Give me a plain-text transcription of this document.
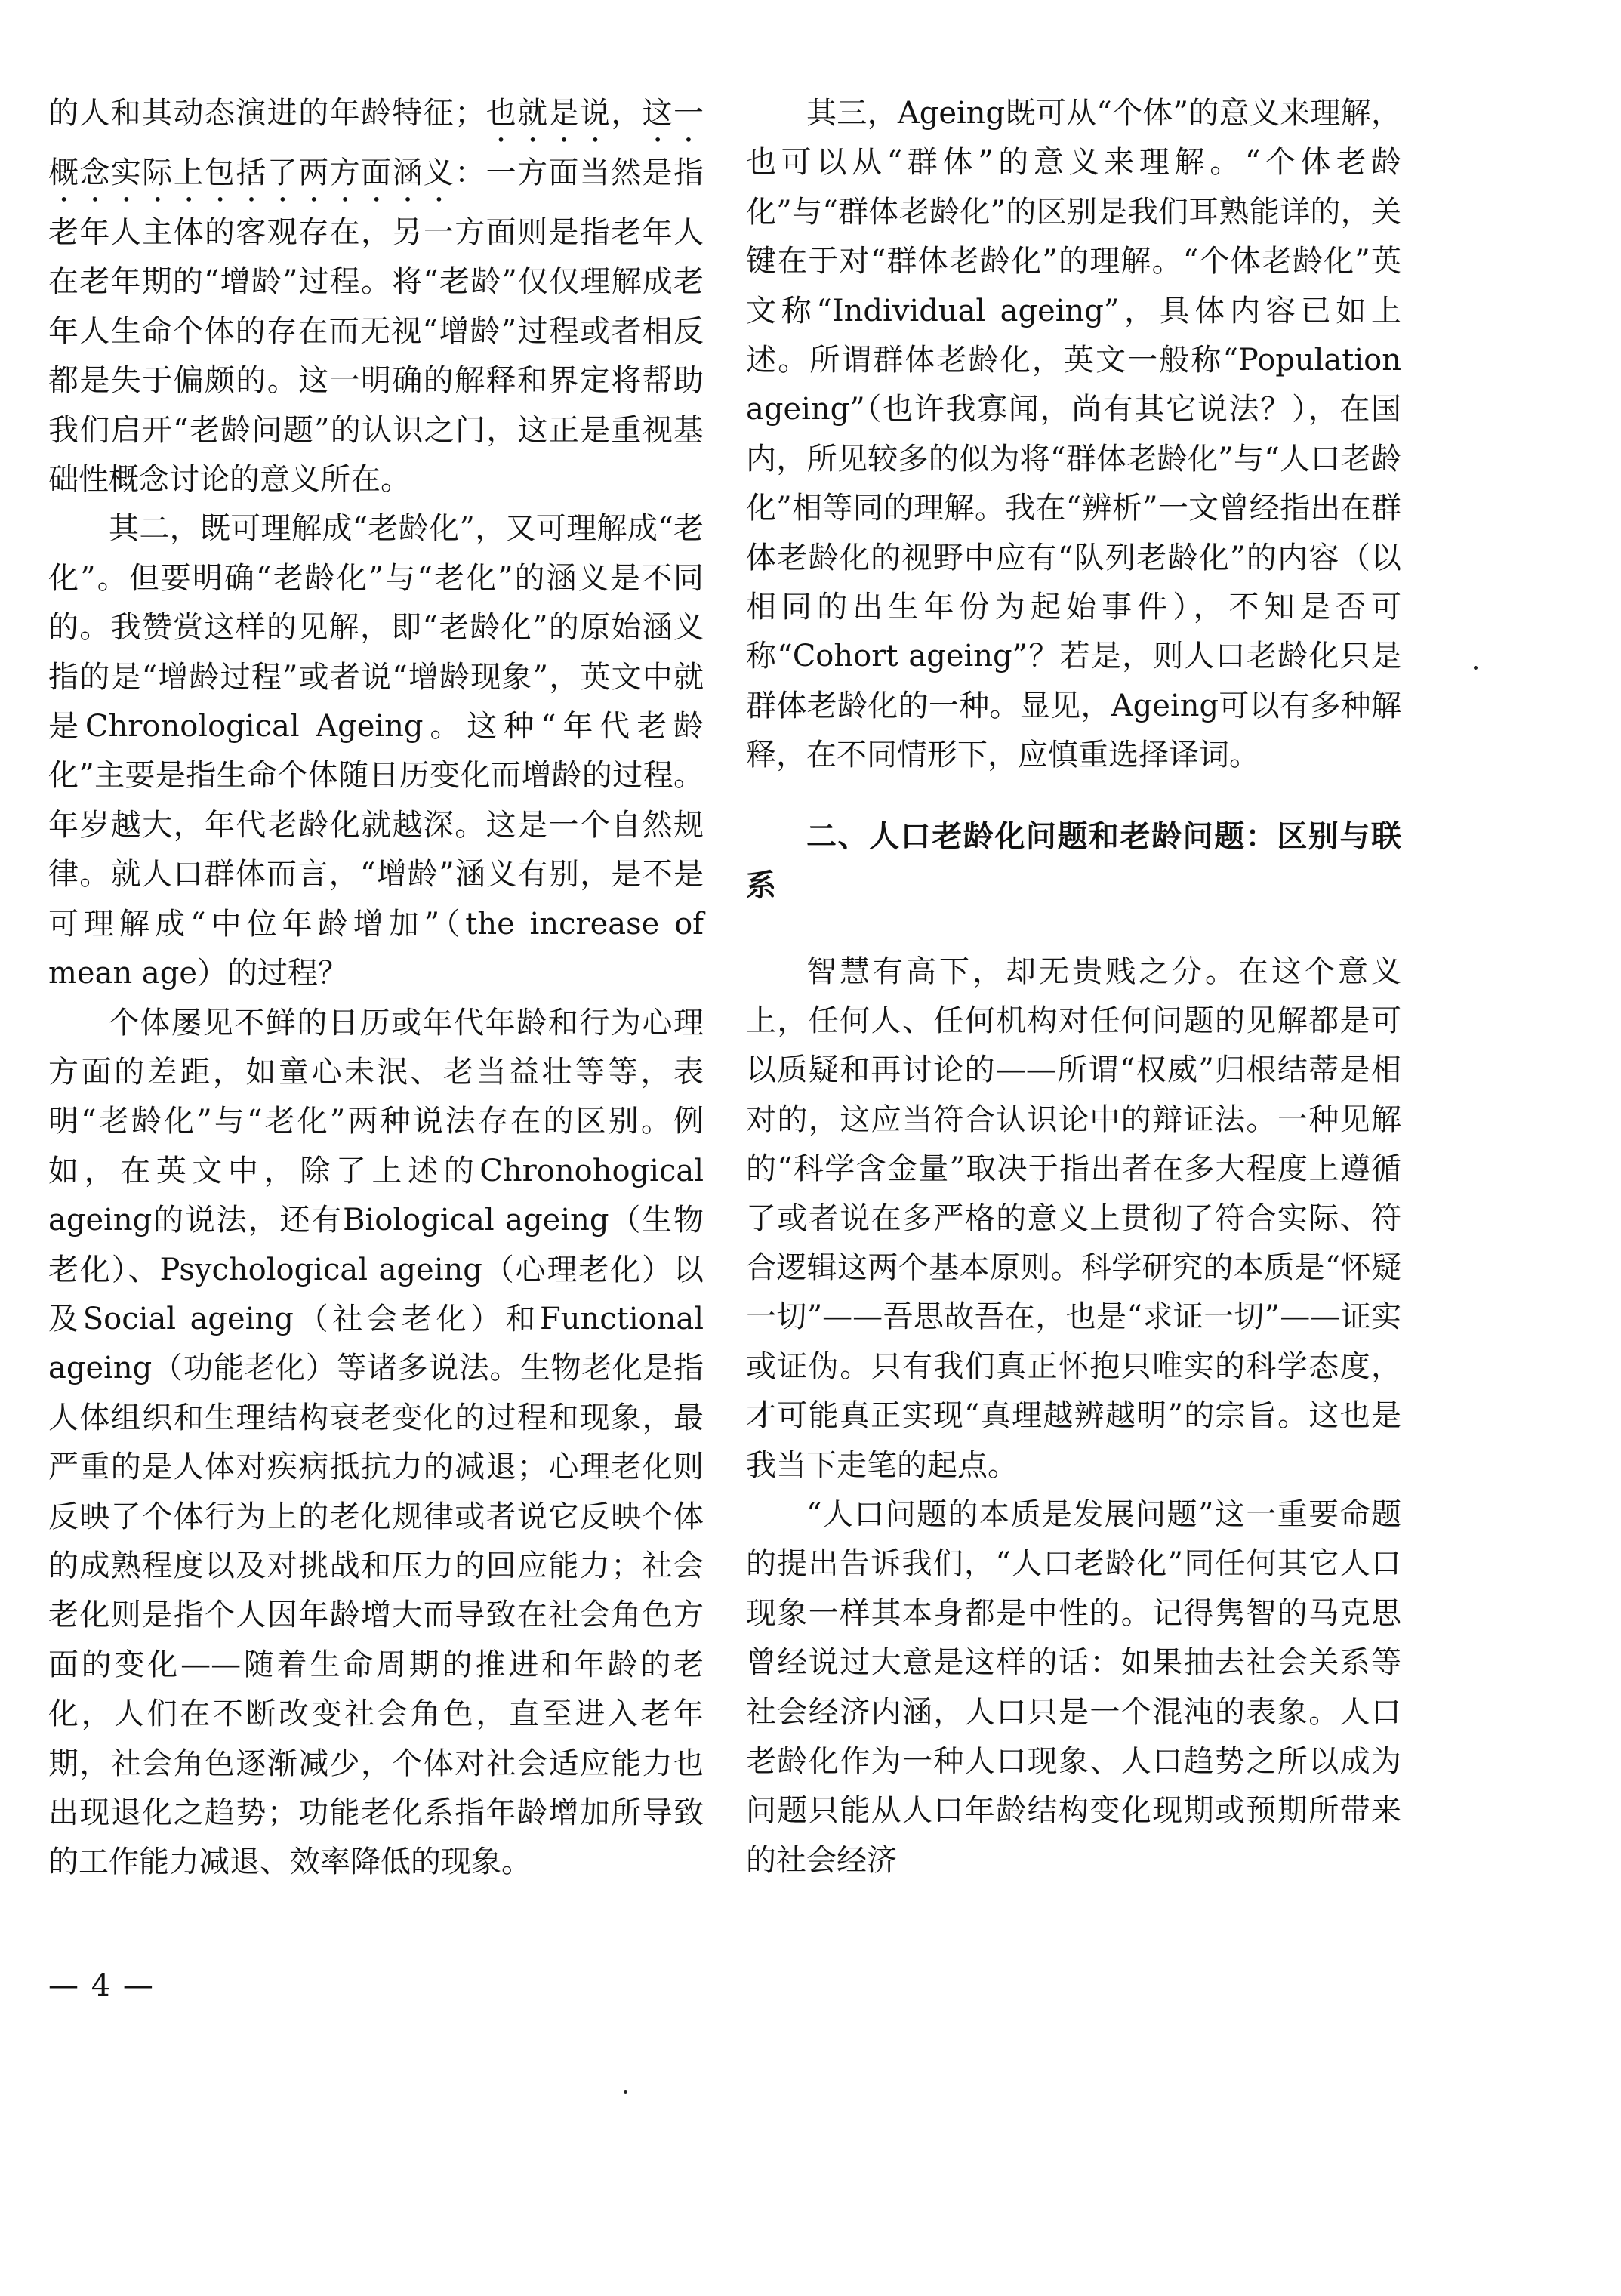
的人和其动态演进的年龄特征；也就是说，这一概念实际上包括了两方面涵义：一方面当然是指老年人主体的客观存在，另一方面则是指老年人在老年期的“增龄”过程。将“老龄”仅仅理解成老年人生命个体的存在而无视“增龄”过程或者相反都是失于偏颇的。这一明确的解释和界定将帮助我们启开“老龄问题”的认识之门，这正是重视基础性概念讨论的意义所在。

其二，既可理解成“老龄化”，又可理解成“老化”。但要明确“老龄化”与“老化”的涵义是不同的。我赞赏这样的见解，即“老龄化”的原始涵义指的是“增龄过程”或者说“增龄现象”，英文中就是Chronological Ageing。这种“年代老龄化”主要是指生命个体随日历变化而增龄的过程。年岁越大，年代老龄化就越深。这是一个自然规律。就人口群体而言，“增龄”涵义有别，是不是可理解成“中位年龄增加”（the increase of mean age）的过程？

个体屡见不鲜的日历或年代年龄和行为心理方面的差距，如童心未泯、老当益壮等等，表明“老龄化”与“老化”两种说法存在的区别。例如，在英文中，除了上述的Chronohogical ageing的说法，还有Biological ageing（生物老化）、Psychological ageing（心理老化）以及Social ageing（社会老化）和Functional ageing（功能老化）等诸多说法。生物老化是指人体组织和生理结构衰老变化的过程和现象，最严重的是人体对疾病抵抗力的减退；心理老化则反映了个体行为上的老化规律或者说它反映个体的成熟程度以及对挑战和压力的回应能力；社会老化则是指个人因年龄增大而导致在社会角色方面的变化——随着生命周期的推进和年龄的老化，人们在不断改变社会角色，直至进入老年期，社会角色逐渐减少，个体对社会适应能力也出现退化之趋势；功能老化系指年龄增加所导致的工作能力减退、效率降低的现象。

其三，Ageing既可从“个体”的意义来理解，也可以从“群体”的意义来理解。“个体老龄化”与“群体老龄化”的区别是我们耳熟能详的，关键在于对“群体老龄化”的理解。“个体老龄化”英文称“Individual ageing”，具体内容已如上述。所谓群体老龄化，英文一般称“Population ageing”（也许我寡闻，尚有其它说法？），在国内，所见较多的似为将“群体老龄化”与“人口老龄化”相等同的理解。我在“辨析”一文曾经指出在群体老龄化的视野中应有“队列老龄化”的内容（以相同的出生年份为起始事件），不知是否可称“Cohort ageing”？若是，则人口老龄化只是群体老龄化的一种。显见，Ageing可以有多种解释，在不同情形下，应慎重选择译词。

二、人口老龄化问题和老龄问题：区别与联系

智慧有高下，却无贵贱之分。在这个意义上，任何人、任何机构对任何问题的见解都是可以质疑和再讨论的——所谓“权威”归根结蒂是相对的，这应当符合认识论中的辩证法。一种见解的“科学含金量”取决于指出者在多大程度上遵循了或者说在多严格的意义上贯彻了符合实际、符合逻辑这两个基本原则。科学研究的本质是“怀疑一切”——吾思故吾在，也是“求证一切”——证实或证伪。只有我们真正怀抱只唯实的科学态度，才可能真正实现“真理越辨越明”的宗旨。这也是我当下走笔的起点。

“人口问题的本质是发展问题”这一重要命题的提出告诉我们，“人口老龄化”同任何其它人口现象一样其本身都是中性的。记得隽智的马克思曾经说过大意是这样的话：如果抽去社会关系等社会经济内涵，人口只是一个混沌的表象。人口老龄化作为一种人口现象、人口趋势之所以成为问题只能从人口年龄结构变化现期或预期所带来的社会经济

— 4 —
